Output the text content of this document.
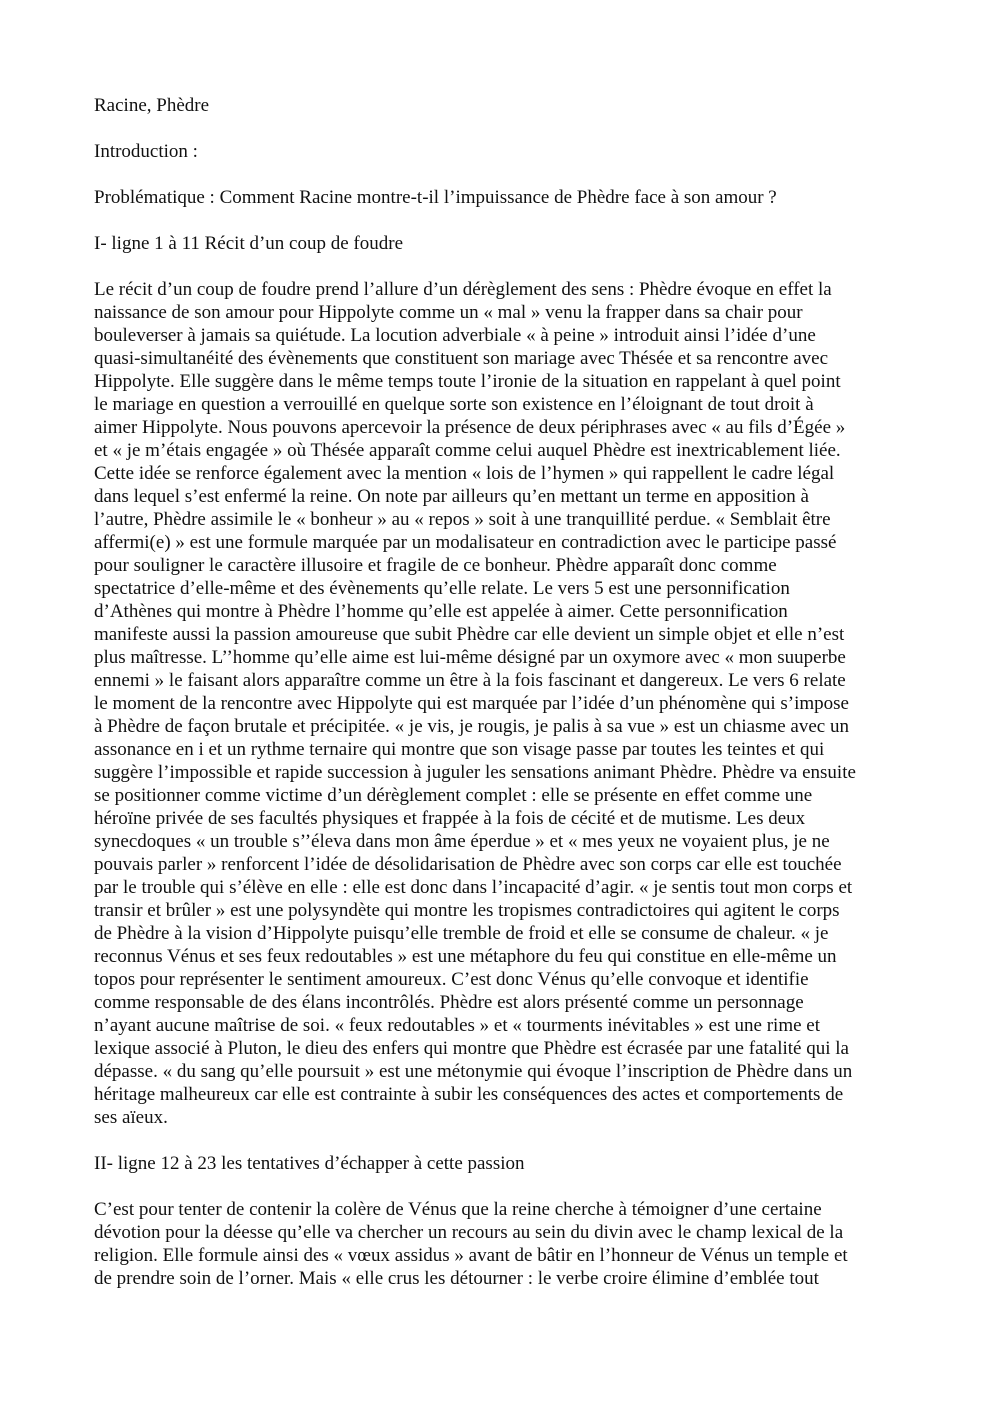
Racine, Phèdre

Introduction :

Problématique : Comment Racine montre-t-il l’impuissance de Phèdre face à son amour ?

I- ligne 1 à 11 Récit d’un coup de foudre

Le récit d’un coup de foudre prend l’allure d’un dérèglement des sens : Phèdre évoque en effet la
naissance de son amour pour Hippolyte comme un « mal » venu la frapper dans sa chair pour
bouleverser à jamais sa quiétude. La locution adverbiale « à peine » introduit ainsi l’idée d’une
quasi-simultanéité des évènements que constituent son mariage avec Thésée et sa rencontre avec
Hippolyte. Elle suggère dans le même temps toute l’ironie de la situation en rappelant à quel point
le mariage en question a verrouillé en quelque sorte son existence en l’éloignant de tout droit à
aimer Hippolyte. Nous pouvons apercevoir la présence de deux périphrases avec « au fils d’Égée »
et « je m’étais engagée » où Thésée apparaît comme celui auquel Phèdre est inextricablement liée.
Cette idée se renforce également avec la mention « lois de l’hymen » qui rappellent le cadre légal
dans lequel s’est enfermé la reine. On note par ailleurs qu’en mettant un terme en apposition à
l’autre, Phèdre assimile le « bonheur » au « repos » soit à une tranquillité perdue. « Semblait être
affermi(e) » est une formule marquée par un modalisateur en contradiction avec le participe passé
pour souligner le caractère illusoire et fragile de ce bonheur. Phèdre apparaît donc comme
spectatrice d’elle-même et des évènements qu’elle relate. Le vers 5 est une personnification
d’Athènes qui montre à Phèdre l’homme qu’elle est appelée à aimer. Cette personnification
manifeste aussi la passion amoureuse que subit Phèdre car elle devient un simple objet et elle n’est
plus maîtresse. L’’homme qu’elle aime est lui-même désigné par un oxymore avec « mon suuperbe
ennemi » le faisant alors apparaître comme un être à la fois fascinant et dangereux. Le vers 6 relate
le moment de la rencontre avec Hippolyte qui est marquée par l’idée d’un phénomène qui s’impose
à Phèdre de façon brutale et précipitée. « je vis, je rougis, je palis à sa vue » est un chiasme avec un
assonance en i et un rythme ternaire qui montre que son visage passe par toutes les teintes et qui
suggère l’impossible et rapide succession à juguler les sensations animant Phèdre. Phèdre va ensuite
se positionner comme victime d’un dérèglement complet : elle se présente en effet comme une
héroïne privée de ses facultés physiques et frappée à la fois de cécité et de mutisme. Les deux
synecdoques « un trouble s’’éleva dans mon âme éperdue » et « mes yeux ne voyaient plus, je ne
pouvais parler » renforcent l’idée de désolidarisation de Phèdre avec son corps car elle est touchée
par le trouble qui s’élève en elle : elle est donc dans l’incapacité d’agir. « je sentis tout mon corps et
transir et brûler » est une polysyndète qui montre les tropismes contradictoires qui agitent le corps
de Phèdre à la vision d’Hippolyte puisqu’elle tremble de froid et elle se consume de chaleur. « je
reconnus Vénus et ses feux redoutables » est une métaphore du feu qui constitue en elle-même un
topos pour représenter le sentiment amoureux. C’est donc Vénus qu’elle convoque et identifie
comme responsable de des élans incontrôlés. Phèdre est alors présenté comme un personnage
n’ayant aucune maîtrise de soi. « feux redoutables » et « tourments inévitables » est une rime et
lexique associé à Pluton, le dieu des enfers qui montre que Phèdre est écrasée par une fatalité qui la
dépasse. « du sang qu’elle poursuit » est une métonymie qui évoque l’inscription de Phèdre dans un
héritage malheureux car elle est contrainte à subir les conséquences des actes et comportements de
ses aïeux.

II- ligne 12 à 23 les tentatives d’échapper à cette passion

C’est pour tenter de contenir la colère de Vénus que la reine cherche à témoigner d’une certaine
dévotion pour la déesse qu’elle va chercher un recours au sein du divin avec le champ lexical de la
religion. Elle formule ainsi des « vœux assidus » avant de bâtir en l’honneur de Vénus un temple et
de prendre soin de l’orner. Mais « elle crus les détourner : le verbe croire élimine d’emblée tout
